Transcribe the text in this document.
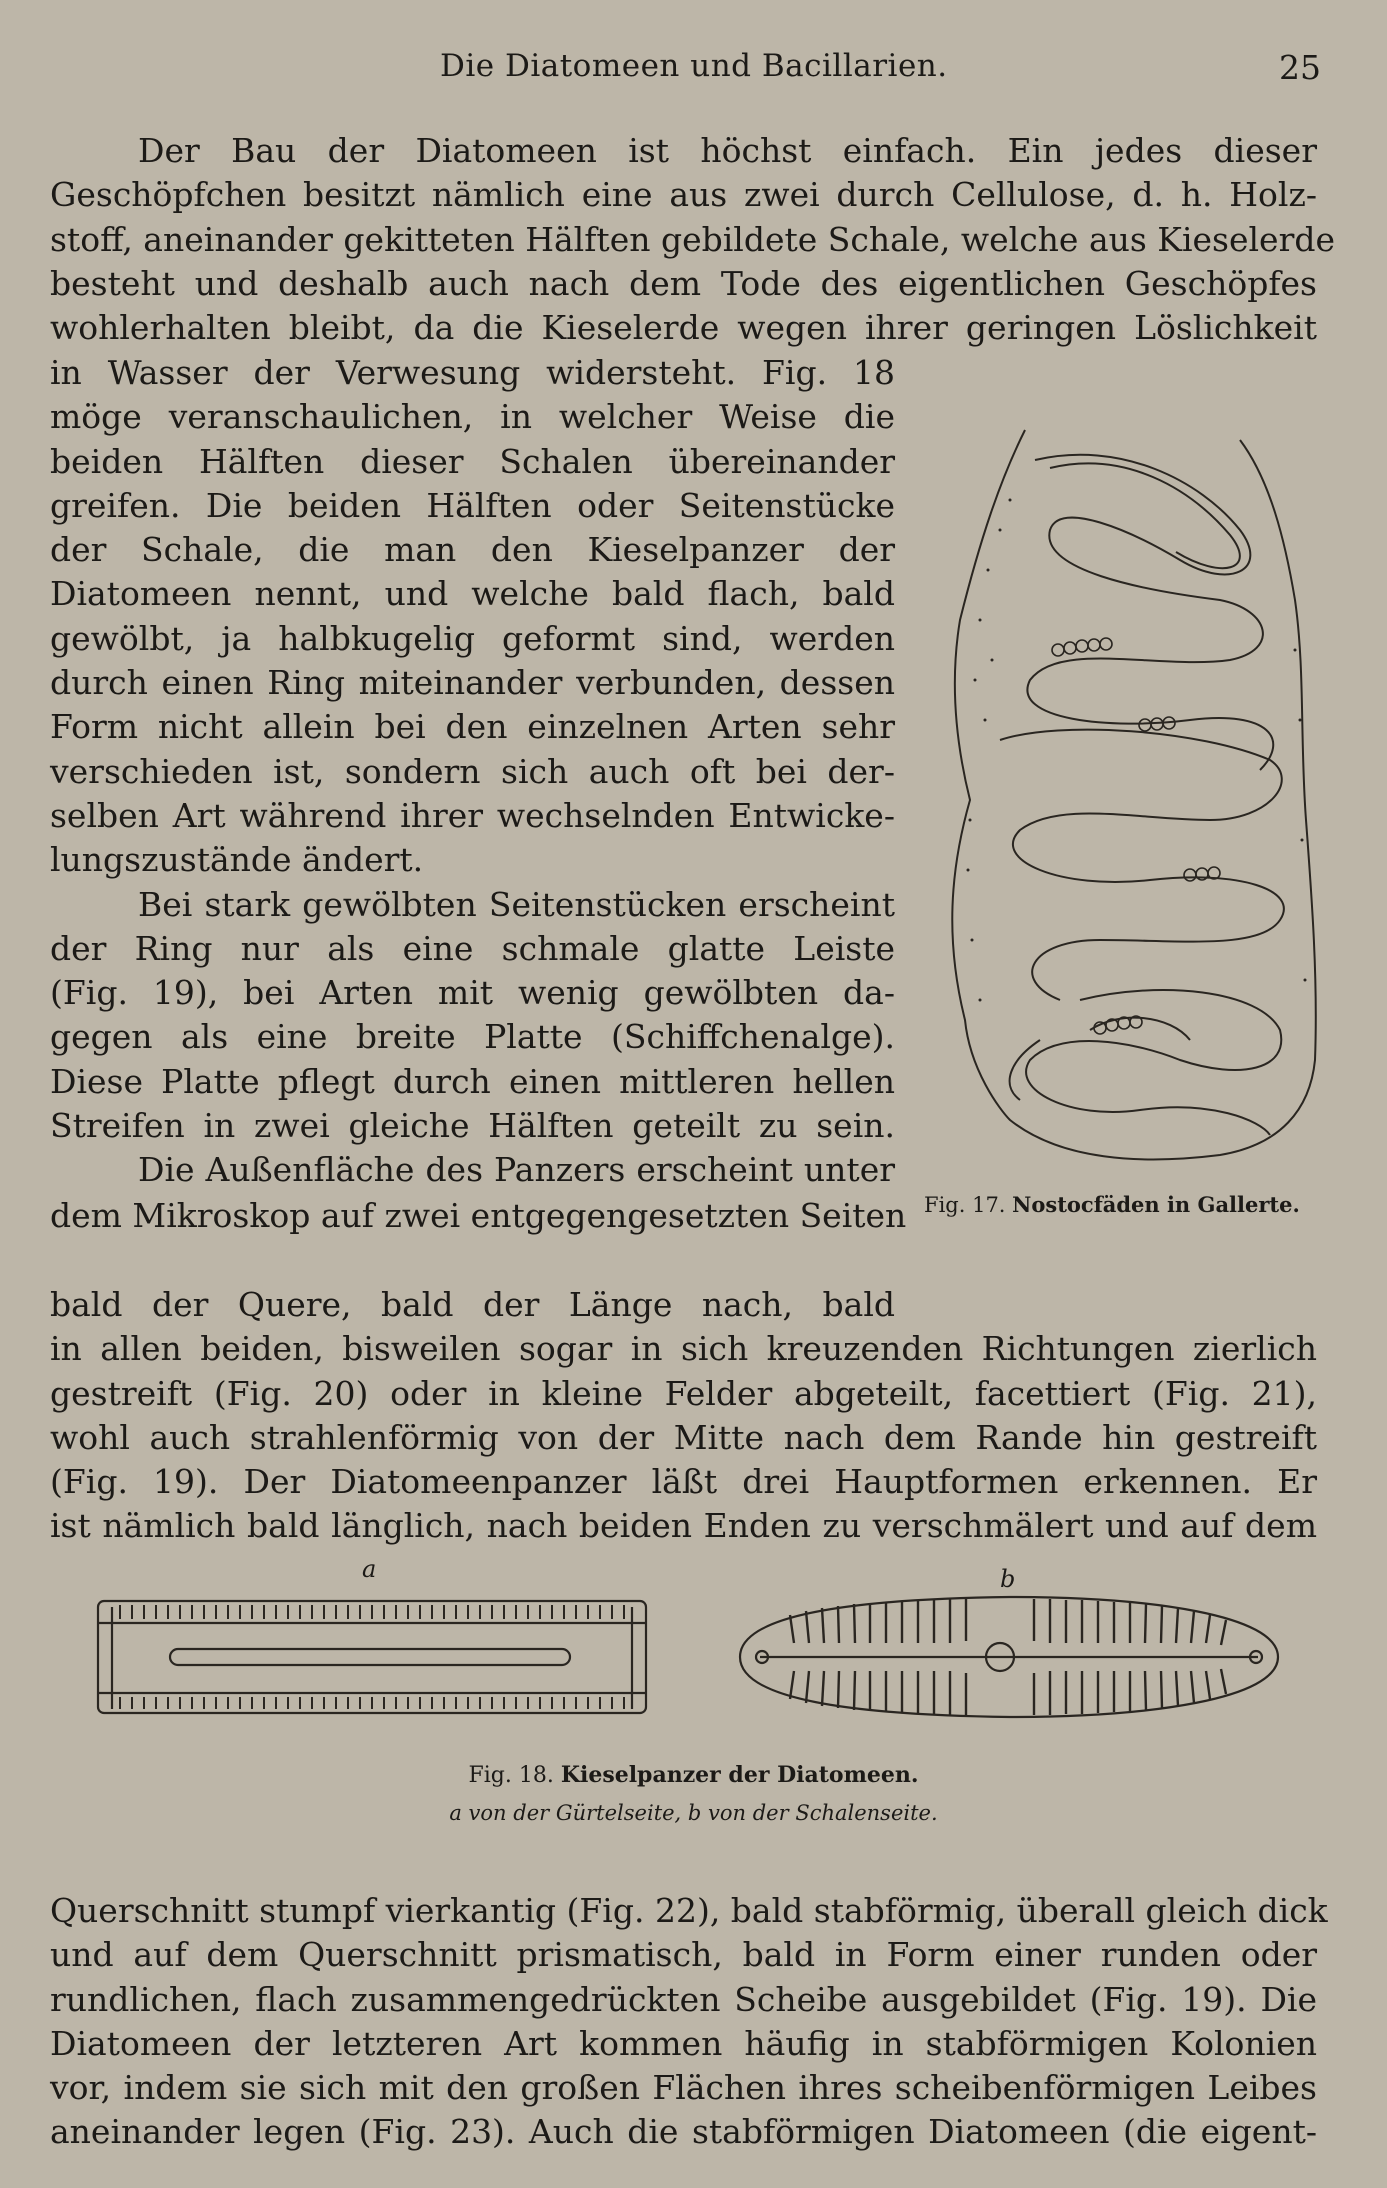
Die Diatomeen und Bacillarien.	25
Der Bau der Diatomeen ist höchst einfach. Ein jedes dieser
Geschöpfchen besitzt nämlich eine aus zwei durch Cellulose, d. h. Holz-
stoff, aneinander gekitteten Hälften gebildete Schale, welche aus Kieselerde
besteht und deshalb auch nach dem Tode des eigentlichen Geschöpfes
wohlerhalten bleibt, da die Kieselerde wegen ihrer geringen Löslichkeit
in Wasser der Verwesung widersteht. Fig. 18
möge veranschaulichen, in welcher Weise die
beiden Hälften dieser Schalen übereinander
greifen. Die beiden Hälften oder Seitenstücke
der Schale, die man den Kieselpanzer der
Diatomeen nennt, und welche bald flach, bald
gewölbt, ja halbkugelig geformt sind, werden
durch einen Ring miteinander verbunden, dessen
Form nicht allein bei den einzelnen Arten sehr
verschieden ist, sondern sich auch oft bei der-
selben Art während ihrer wechselnden Entwicke-
lungszustände ändert.
Bei stark gewölbten Seitenstücken erscheint
der Ring nur als eine schmale glatte Leiste
(Fig. 19), bei Arten mit wenig gewölbten da-
gegen als eine breite Platte (Schiffchenalge).
Diese Platte pflegt durch einen mittleren hellen
Streifen in zwei gleiche Hälften geteilt zu sein.
Die Außenfläche des Panzers erscheint unter
dem Mikroskop auf zwei entgegengesetzten Seiten Fig. 17. Nostocfäden in Gallerte.
bald der Quere, bald der Länge nach, bald
in allen beiden, bisweilen sogar in sich kreuzenden Richtungen zierlich
gestreift (Fig. 20) oder in kleine Felder abgeteilt, facettiert (Fig. 21),
wohl auch strahlenförmig von der Mitte nach dem Rande hin gestreift
(Fig. 19). Der Diatomeenpanzer läßt drei Hauptformen erkennen. Er
ist nämlich bald länglich, nach beiden Enden zu verschmälert und auf dem
a	b
Fig. 18. Kieselpanzer der Diatomeen.
a von der Gürtelseite, b von der Schalenseite.
Querschnitt stumpf vierkantig (Fig. 22), bald stabförmig, überall gleich dick
und auf dem Querschnitt prismatisch, bald in Form einer runden oder
rundlichen, flach zusammengedrückten Scheibe ausgebildet (Fig. 19). Die
Diatomeen der letzteren Art kommen häufig in stabförmigen Kolonien
vor, indem sie sich mit den großen Flächen ihres scheibenförmigen Leibes
aneinander legen (Fig. 23). Auch die stabförmigen Diatomeen (die eigent-
